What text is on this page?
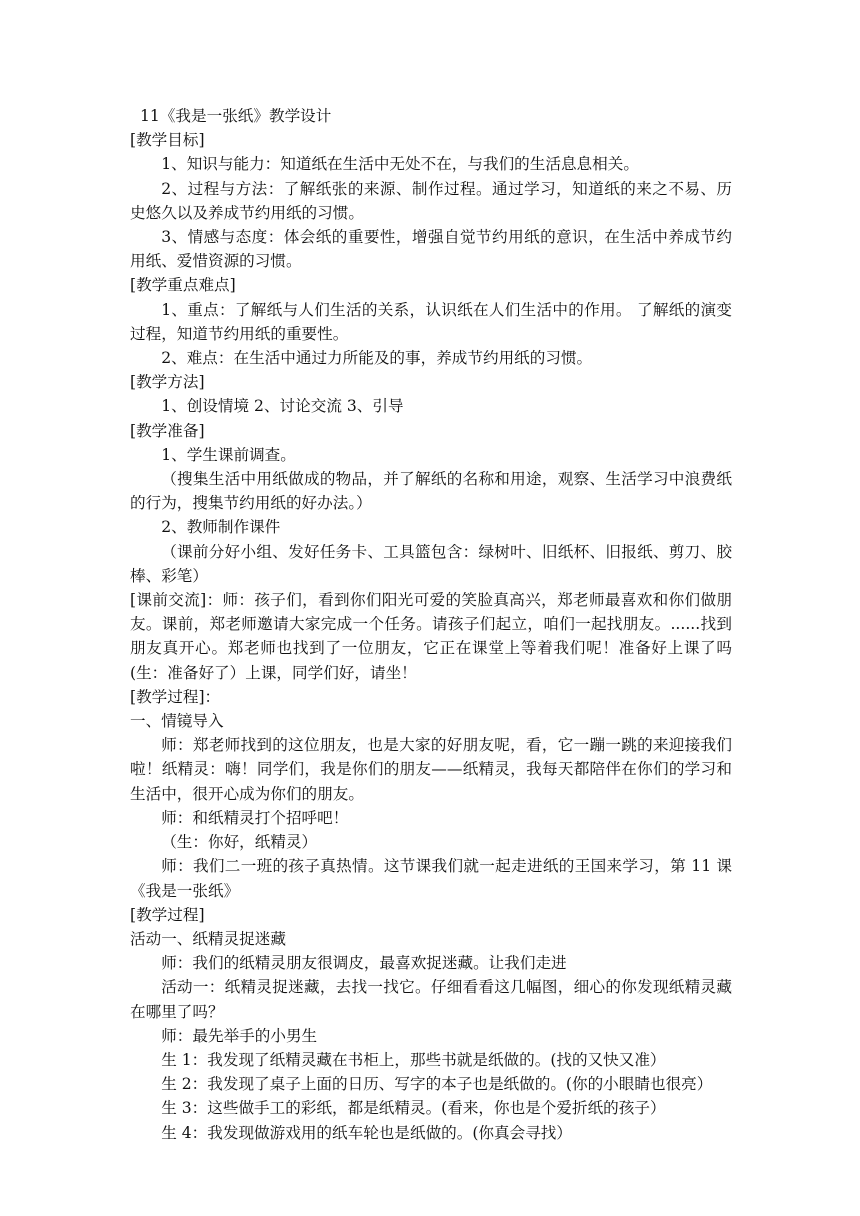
11《我是一张纸》教学设计

[教学目标]

1、知识与能力：知道纸在生活中无处不在，与我们的生活息息相关。

2、过程与方法：了解纸张的来源、制作过程。通过学习，知道纸的来之不易、历史悠久以及养成节约用纸的习惯。

3、情感与态度：体会纸的重要性，增强自觉节约用纸的意识，在生活中养成节约用纸、爱惜资源的习惯。

[教学重点难点]

1、重点：了解纸与人们生活的关系，认识纸在人们生活中的作用。 了解纸的演变过程，知道节约用纸的重要性。

2、难点：在生活中通过力所能及的事，养成节约用纸的习惯。

[教学方法]

1、创设情境 2、讨论交流 3、引导

[教学准备]

1、学生课前调查。

（搜集生活中用纸做成的物品，并了解纸的名称和用途，观察、生活学习中浪费纸的行为，搜集节约用纸的好办法。）

2、教师制作课件

（课前分好小组、发好任务卡、工具篮包含：绿树叶、旧纸杯、旧报纸、剪刀、胶棒、彩笔）

[课前交流]：师：孩子们，看到你们阳光可爱的笑脸真高兴，郑老师最喜欢和你们做朋友。课前，郑老师邀请大家完成一个任务。请孩子们起立，咱们一起找朋友。......找到朋友真开心。郑老师也找到了一位朋友，它正在课堂上等着我们呢！准备好上课了吗(生：准备好了）上课，同学们好，请坐！

[教学过程]：

一、情镜导入

师：郑老师找到的这位朋友，也是大家的好朋友呢，看，它一蹦一跳的来迎接我们啦！纸精灵：嗨！同学们，我是你们的朋友——纸精灵，我每天都陪伴在你们的学习和生活中，很开心成为你们的朋友。

师：和纸精灵打个招呼吧！

（生：你好，纸精灵）

师：我们二一班的孩子真热情。这节课我们就一起走进纸的王国来学习，第 11 课《我是一张纸》

[教学过程]

活动一、纸精灵捉迷藏

师：我们的纸精灵朋友很调皮，最喜欢捉迷藏。让我们走进

活动一：纸精灵捉迷藏，去找一找它。仔细看看这几幅图，细心的你发现纸精灵藏在哪里了吗？

师：最先举手的小男生

生 1：我发现了纸精灵藏在书柜上，那些书就是纸做的。(找的又快又准）

生 2：我发现了桌子上面的日历、写字的本子也是纸做的。(你的小眼睛也很亮）

生 3：这些做手工的彩纸，都是纸精灵。(看来，你也是个爱折纸的孩子）

生 4：我发现做游戏用的纸车轮也是纸做的。(你真会寻找）
